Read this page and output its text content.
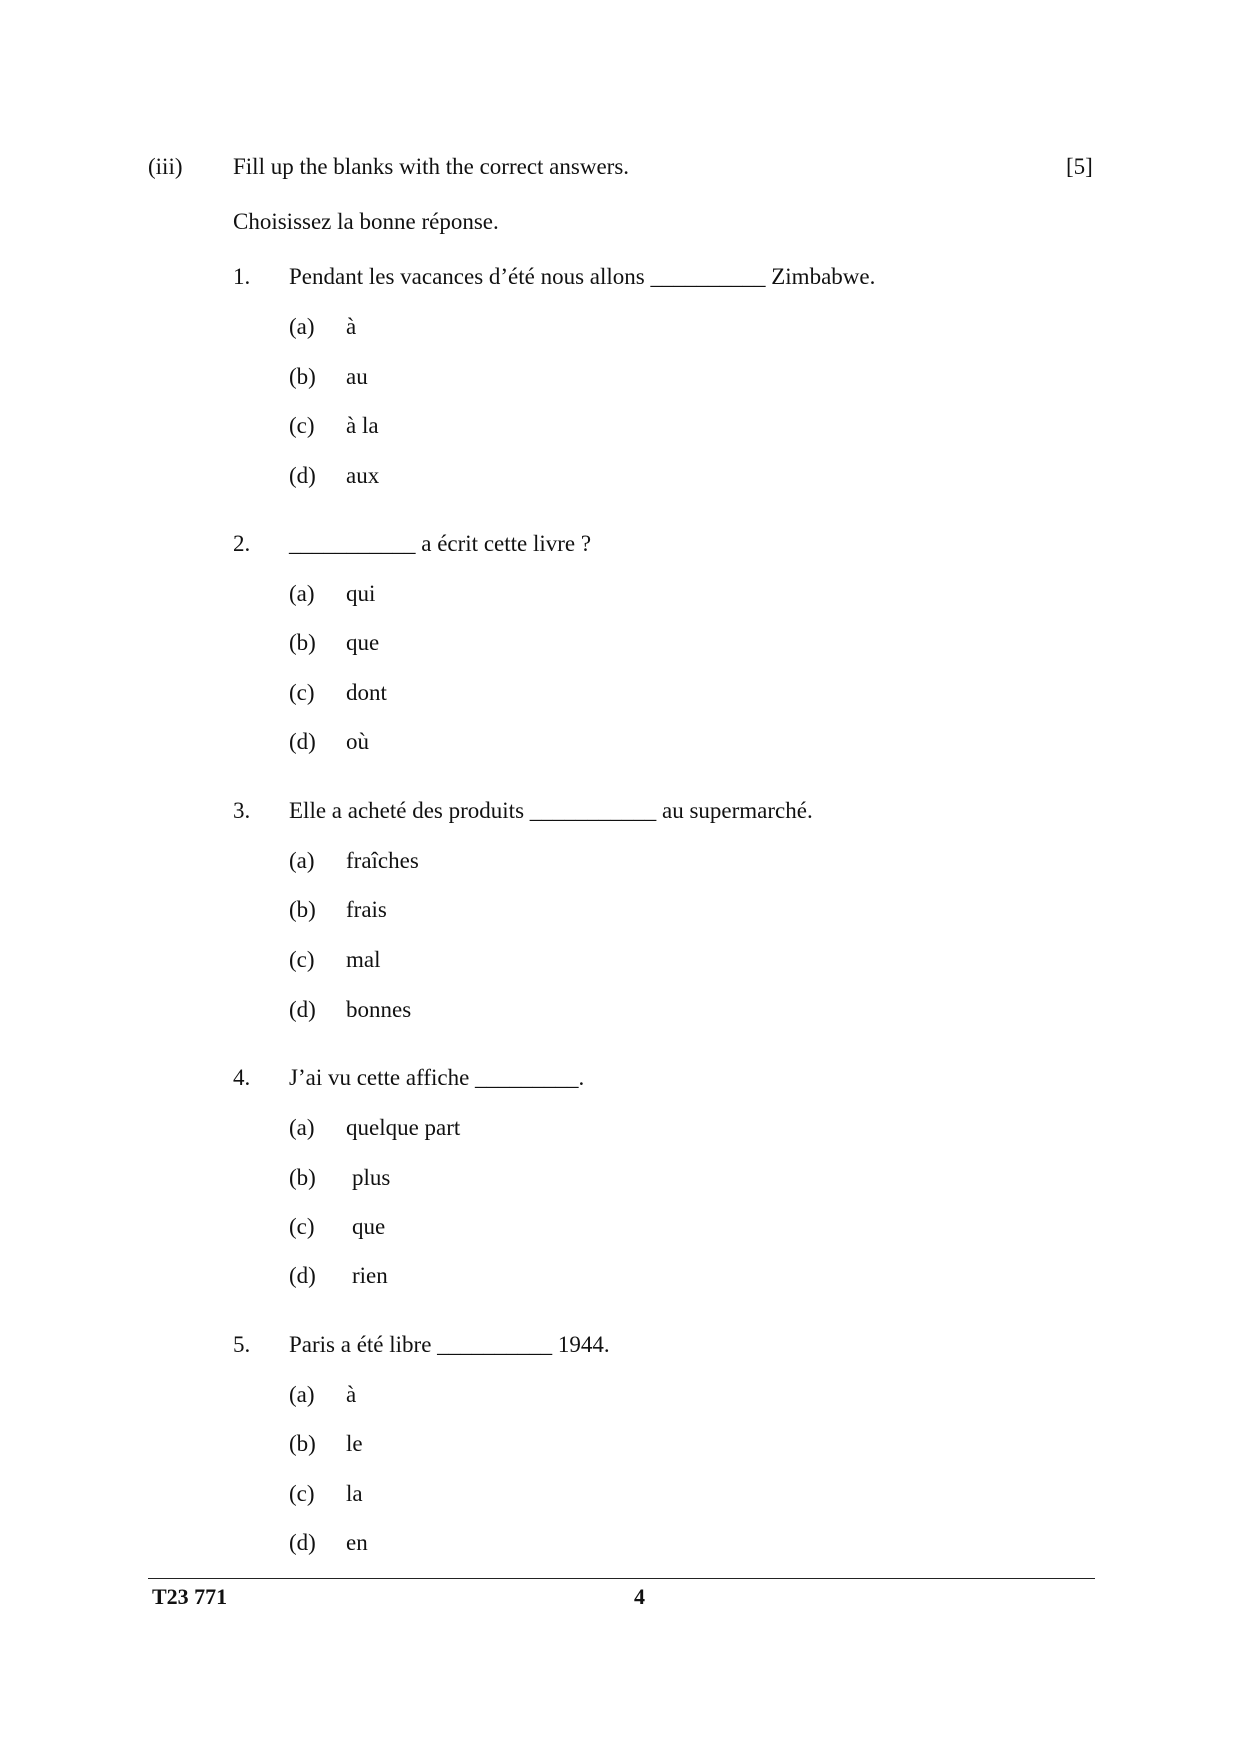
(iii) Fill up the blanks with the correct answers.	[5]
Choisissez la bonne réponse.
1. Pendant les vacances d’été nous allons __________ Zimbabwe.
(a) à
(b) au
(c) à la
(d) aux
2. ___________ a écrit cette livre ?
(a) qui
(b) que
(c) dont
(d) où
3. Elle a acheté des produits ___________ au supermarché.
(a) fraîches
(b) frais
(c) mal
(d) bonnes
4. J’ai vu cette affiche _________.
(a) quelque part
(b) plus
(c) que
(d) rien
5. Paris a été libre __________ 1944.
(a) à
(b) le
(c) la
(d) en
T23 771	4
